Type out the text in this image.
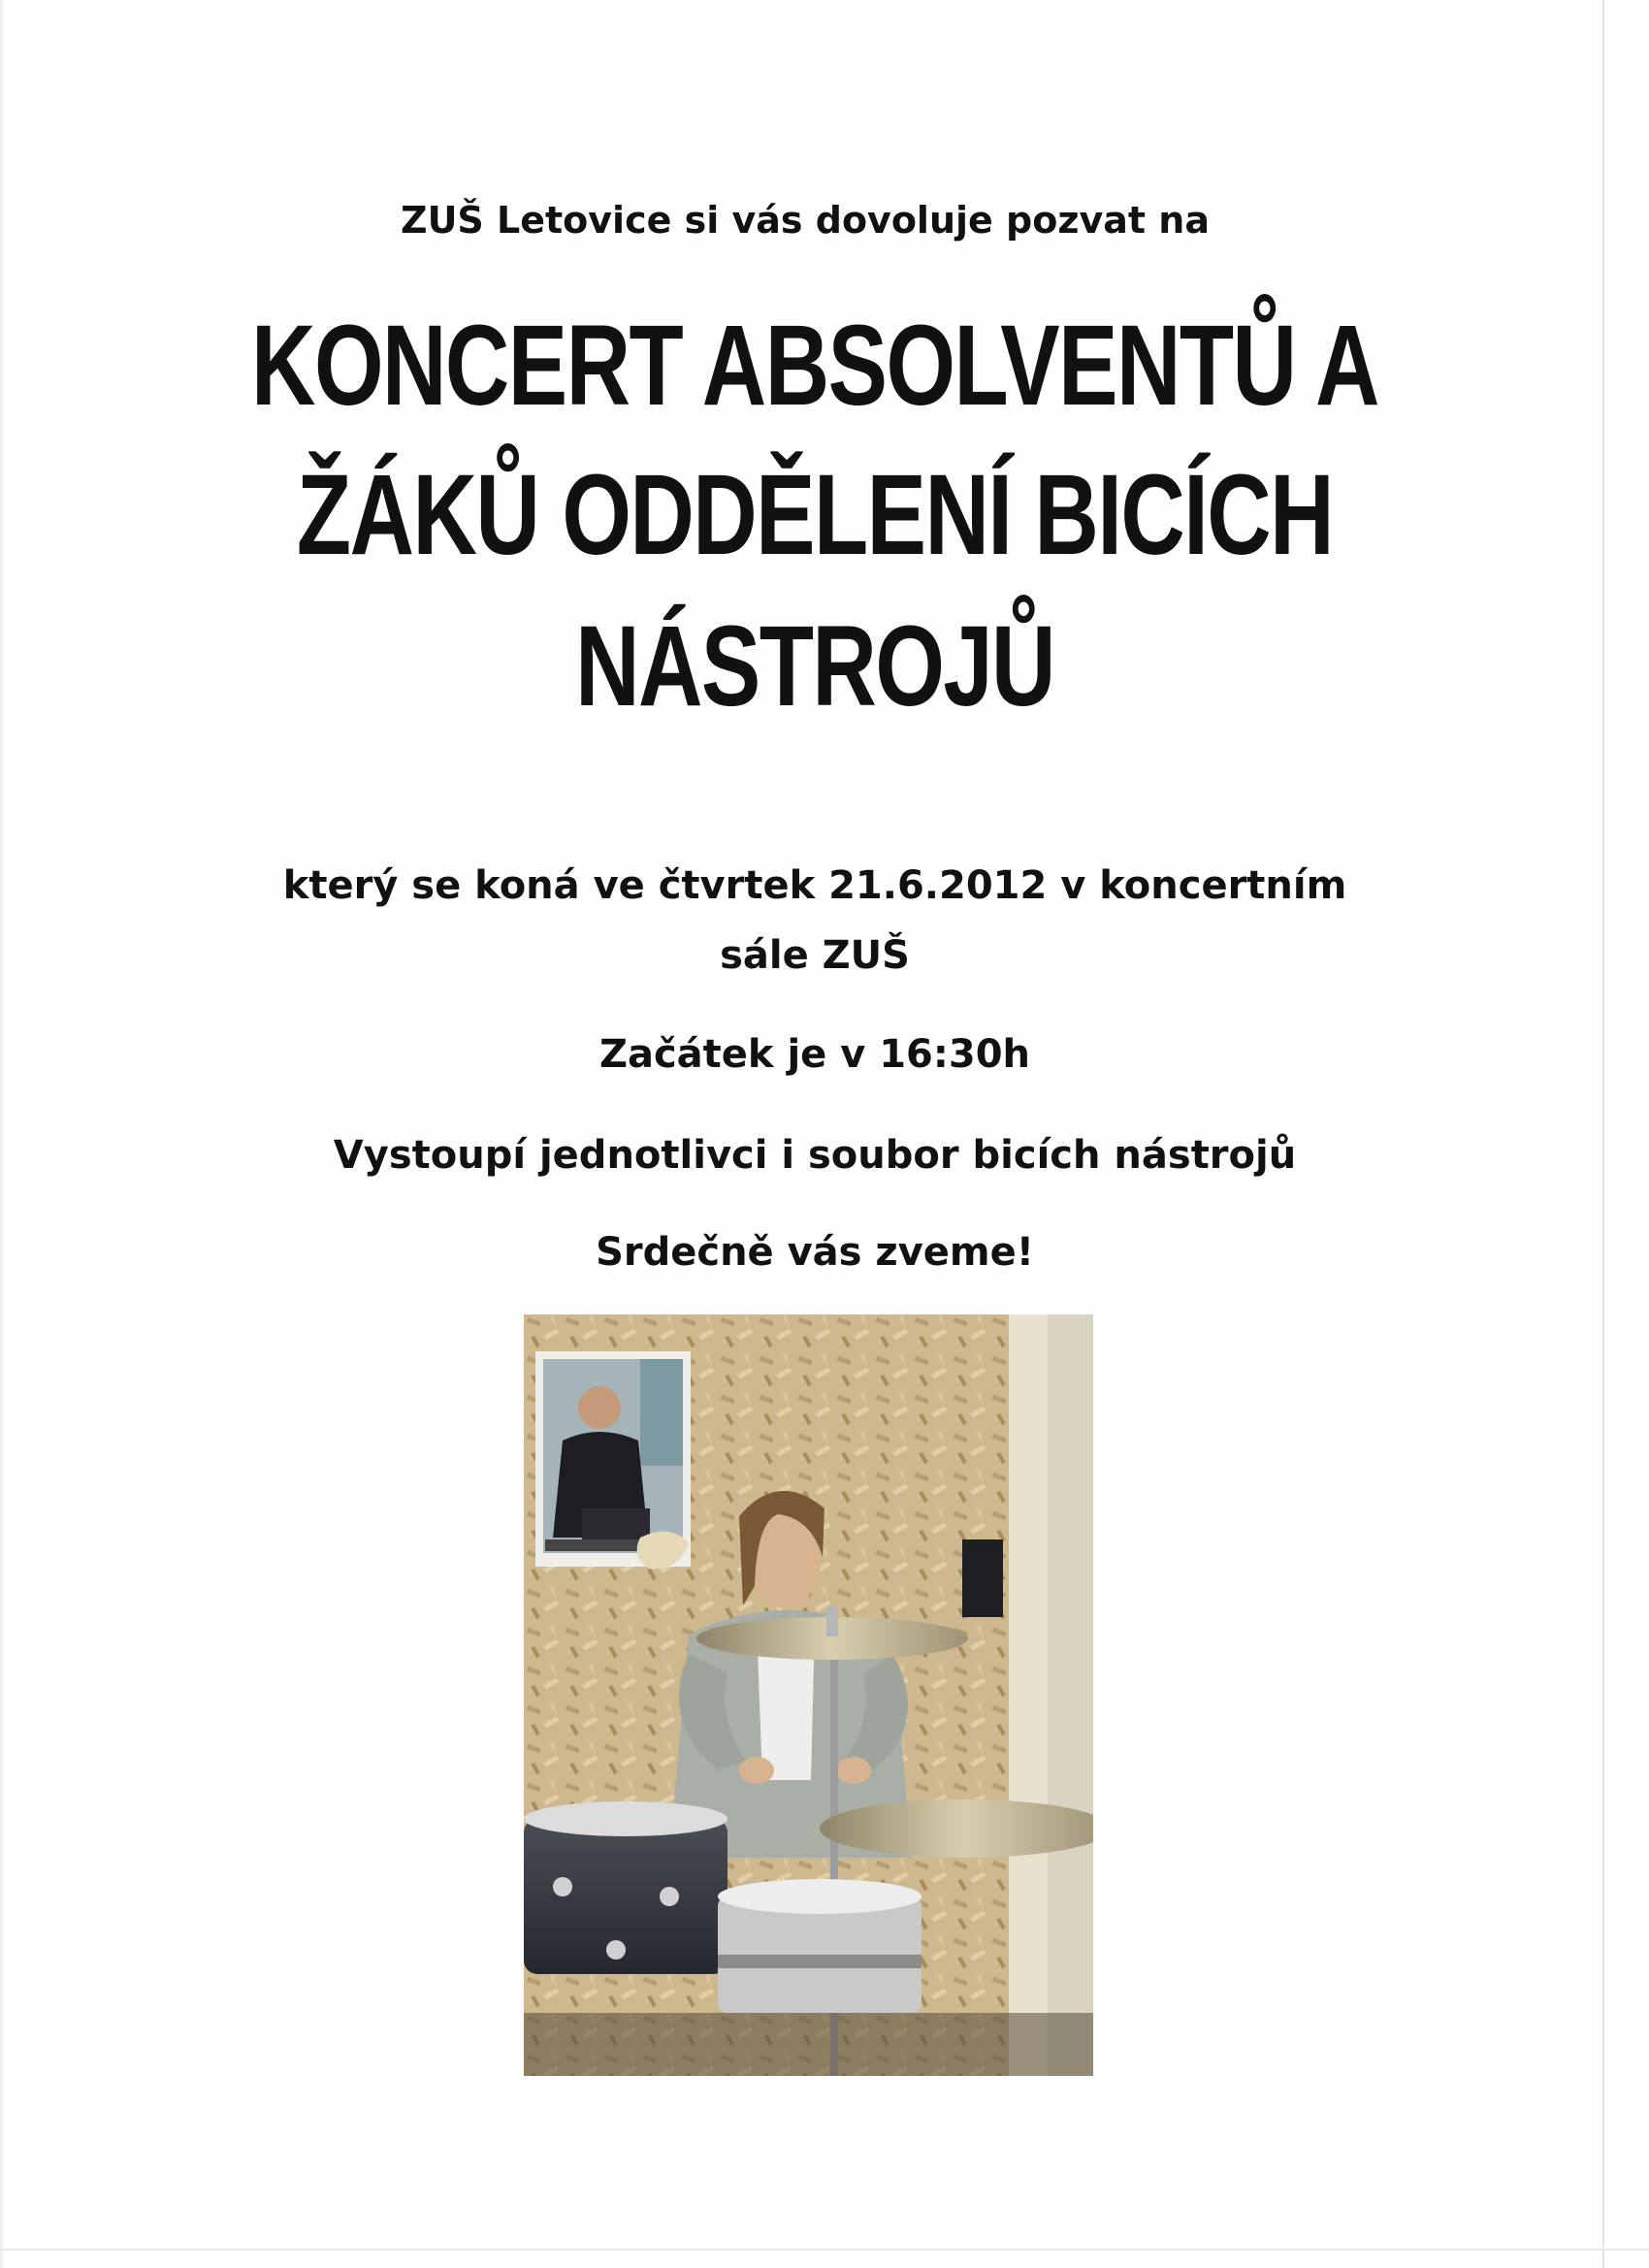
ZUŠ Letovice si vás dovoluje pozvat na
KONCERT ABSOLVENTŮ A
ŽÁKŮ ODDĚLENÍ BICÍCH
NÁSTROJŮ
který se koná ve čtvrtek 21.6.2012 v koncertním
sále ZUŠ
Začátek je v 16:30h
Vystoupí jednotlivci i soubor bicích nástrojů
Srdečně vás zveme!
